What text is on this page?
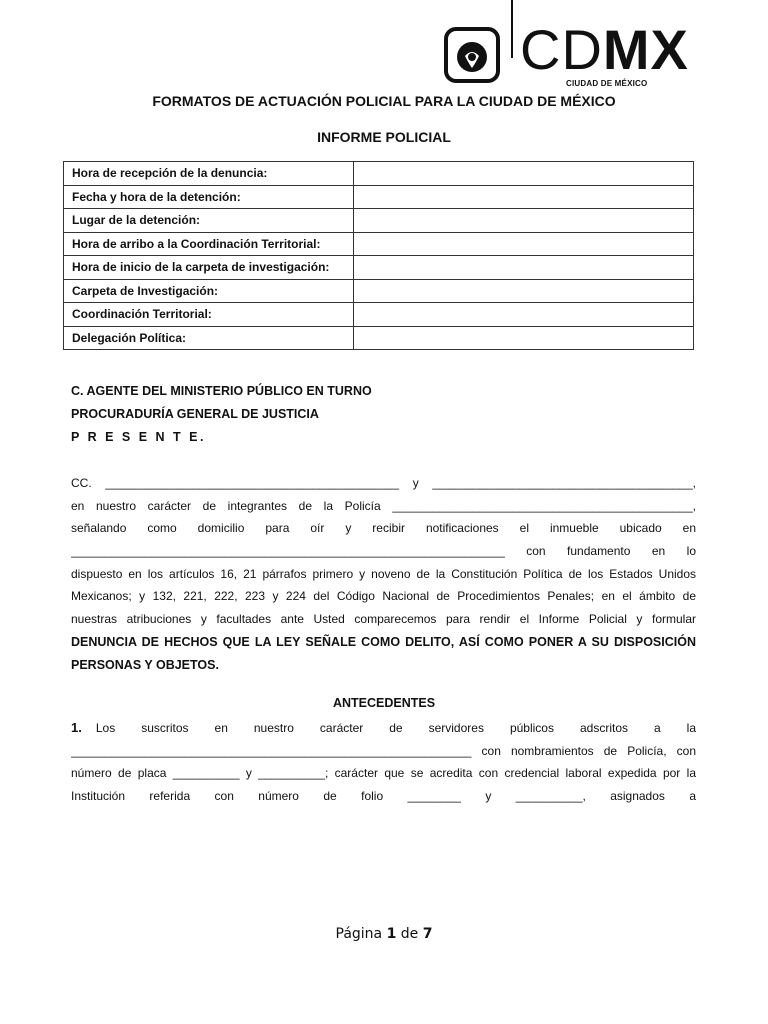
CDMX
CIUDAD DE MÉXICO
FORMATOS DE ACTUACIÓN POLICIAL PARA LA CIUDAD DE MÉXICO
INFORME POLICIAL
Hora de recepción de la denuncia:	
Fecha y hora de la detención:	
Lugar de la detención:	
Hora de arribo a la Coordinación Territorial:	
Hora de inicio de la carpeta de investigación:	
Carpeta de Investigación:	
Coordinación Territorial:	
Delegación Política:	
C. AGENTE DEL MINISTERIO PÚBLICO EN TURNO
PROCURADURÍA GENERAL DE JUSTICIA
P R E S E N T E.
CC. ____________________________________________ y _______________________________________,
en nuestro carácter de integrantes de la Policía _____________________________________________,
señalando como domicilio para oír y recibir notificaciones el inmueble ubicado en
_________________________________________________________________ con fundamento en lo
dispuesto en los artículos 16, 21 párrafos primero y noveno de la Constitución Política de los Estados Unidos
Mexicanos; y 132, 221, 222, 223 y 224 del Código Nacional de Procedimientos Penales; en el ámbito de
nuestras atribuciones y facultades ante Usted comparecemos para rendir el Informe Policial y formular
DENUNCIA DE HECHOS QUE LA LEY SEÑALE COMO DELITO, ASÍ COMO PONER A SU DISPOSICIÓN
PERSONAS Y OBJETOS.
ANTECEDENTES
1. Los suscritos en nuestro carácter de servidores públicos adscritos a la
____________________________________________________________ con nombramientos de Policía, con
número de placa __________ y __________; carácter que se acredita con credencial laboral expedida por la
Institución referida con número de folio ________ y __________, asignados a
Página 1 de 7
